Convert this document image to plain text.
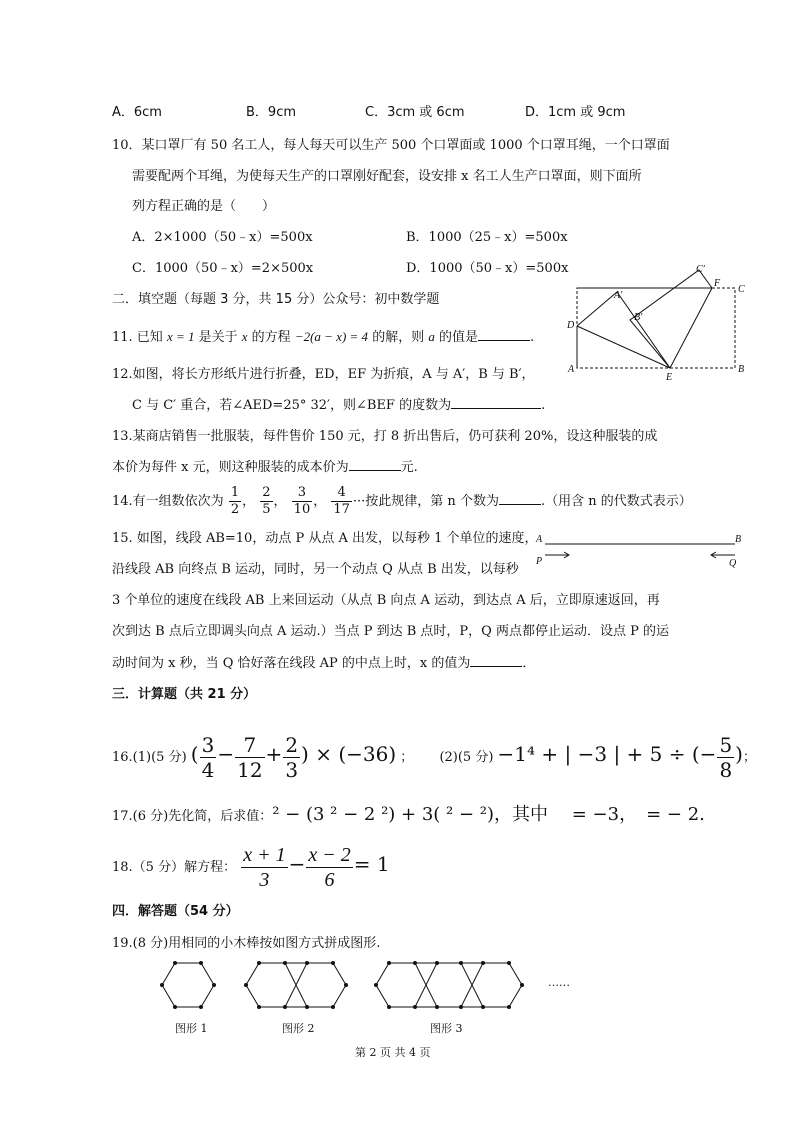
A．6cm	B．9cm	C．3cm 或 6cm	D．1cm 或 9cm
10．某口罩厂有 50 名工人，每人每天可以生产 500 个口罩面或 1000 个口罩耳绳，一个口罩面
需要配两个耳绳，为使每天生产的口罩刚好配套，设安排 x 名工人生产口罩面，则下面所
列方程正确的是（　　）
A．2×1000（50﹣x）=500x	B．1000（25﹣x）=500x
C．1000（50﹣x）=2×500x	D．1000（50﹣x）=500x
二．填空题（每题 3 分，共 15 分）公众号：初中数学题
11. 已知 x = 1 是关于 x 的方程 −2(a − x) = 4 的解，则 a 的值是	.
12.如图，将长方形纸片进行折叠，ED，EF 为折痕，A 与 A′，B 与 B′，
C 与 C′ 重合，若∠AED=25° 32′，则∠BEF 的度数为	.
C′
F
C
A′
B′
D
A
E
B
13.某商店销售一批服装，每件售价 150 元，打 8 折出售后，仍可获利 20%，设这种服装的成
本价为每件 x 元，则这种服装的成本价为	元.
14.有一组数依次为 $\frac{1}{2}$ ， $\frac{2}{5}$ ， $\frac{3}{10}$ ， $\frac{4}{17}$ ···按此规律，第 n 个数为	.（用含 n 的代数式表示）
15. 如图，线段 AB=10，动点 P 从点 A 出发，以每秒 1 个单位的速度，
沿线段 AB 向终点 B 运动，同时，另一个动点 Q 从点 B 出发，以每秒
3 个单位的速度在线段 AB 上来回运动（从点 B 向点 A 运动，到达点 A 后，立即原速返回，再
次到达 B 点后立即调头向点 A 运动.）当点 P 到达 B 点时，P，Q 两点都停止运动．设点 P 的运
动时间为 x 秒，当 Q 恰好落在线段 AP 的中点上时，x 的值为	．
A	B
P	Q
三．计算题（共 21 分）
16.(1)(5 分) ( $\frac{3}{4} - \frac{7}{12} + \frac{2}{3}$ ) × (−36) ； (2)(5 分) −1⁴ + | −3 | + 5 ÷ (− $\frac{5}{8}$ )；
17.(6 分)先化简，后求值：² − (3 ² − 2 ²) + 3( ² − ²)，其中　 = −3，　= − 2.
18.（5 分）解方程： $\frac{x + 1}{3} - \frac{x - 2}{6} = 1$
四．解答题（54 分）
19.(8 分)用相同的小木棒按如图方式拼成图形.
图形 1	图形 2	图形 3
……
第 2 页 共 4 页
